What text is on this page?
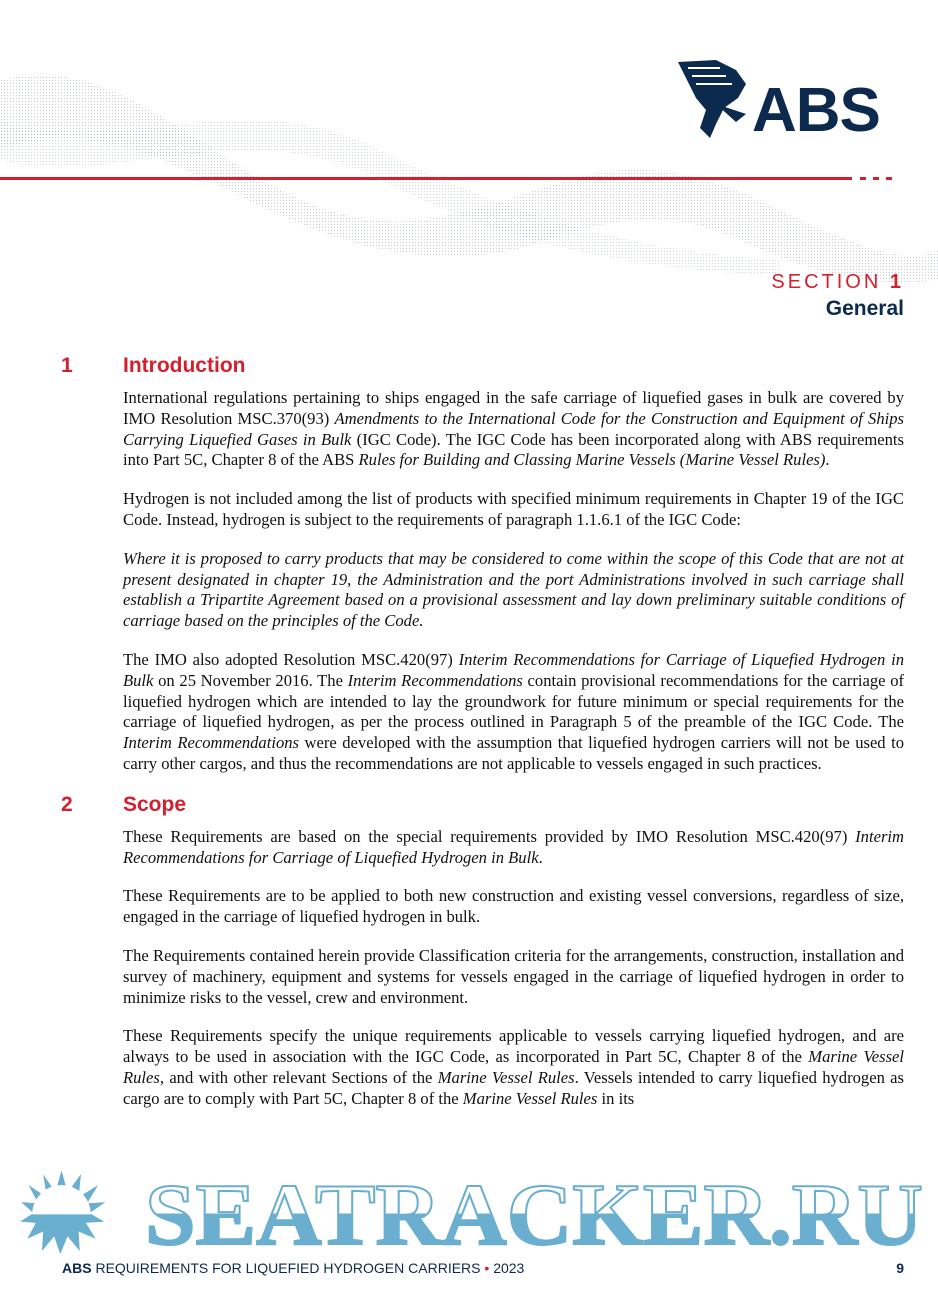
ABS
SECTION 1
General
1 Introduction

International regulations pertaining to ships engaged in the safe carriage of liquefied gases in bulk are covered by IMO Resolution MSC.370(93) Amendments to the International Code for the Construction and Equipment of Ships Carrying Liquefied Gases in Bulk (IGC Code). The IGC Code has been incorporated along with ABS requirements into Part 5C, Chapter 8 of the ABS Rules for Building and Classing Marine Vessels (Marine Vessel Rules).

Hydrogen is not included among the list of products with specified minimum requirements in Chapter 19 of the IGC Code. Instead, hydrogen is subject to the requirements of paragraph 1.1.6.1 of the IGC Code:

Where it is proposed to carry products that may be considered to come within the scope of this Code that are not at present designated in chapter 19, the Administration and the port Administrations involved in such carriage shall establish a Tripartite Agreement based on a provisional assessment and lay down preliminary suitable conditions of carriage based on the principles of the Code.

The IMO also adopted Resolution MSC.420(97) Interim Recommendations for Carriage of Liquefied Hydrogen in Bulk on 25 November 2016. The Interim Recommendations contain provisional recommendations for the carriage of liquefied hydrogen which are intended to lay the groundwork for future minimum or special requirements for the carriage of liquefied hydrogen, as per the process outlined in Paragraph 5 of the preamble of the IGC Code. The Interim Recommendations were developed with the assumption that liquefied hydrogen carriers will not be used to carry other cargos, and thus the recommendations are not applicable to vessels engaged in such practices.

2 Scope

These Requirements are based on the special requirements provided by IMO Resolution MSC.420(97) Interim Recommendations for Carriage of Liquefied Hydrogen in Bulk.

These Requirements are to be applied to both new construction and existing vessel conversions, regardless of size, engaged in the carriage of liquefied hydrogen in bulk.

The Requirements contained herein provide Classification criteria for the arrangements, construction, installation and survey of machinery, equipment and systems for vessels engaged in the carriage of liquefied hydrogen in order to minimize risks to the vessel, crew and environment.

These Requirements specify the unique requirements applicable to vessels carrying liquefied hydrogen, and are always to be used in association with the IGC Code, as incorporated in Part 5C, Chapter 8 of the Marine Vessel Rules, and with other relevant Sections of the Marine Vessel Rules. Vessels intended to carry liquefied hydrogen as cargo are to comply with Part 5C, Chapter 8 of the Marine Vessel Rules in its

SEATRACKER.RU
ABS REQUIREMENTS FOR LIQUEFIED HYDROGEN CARRIERS • 2023	9
